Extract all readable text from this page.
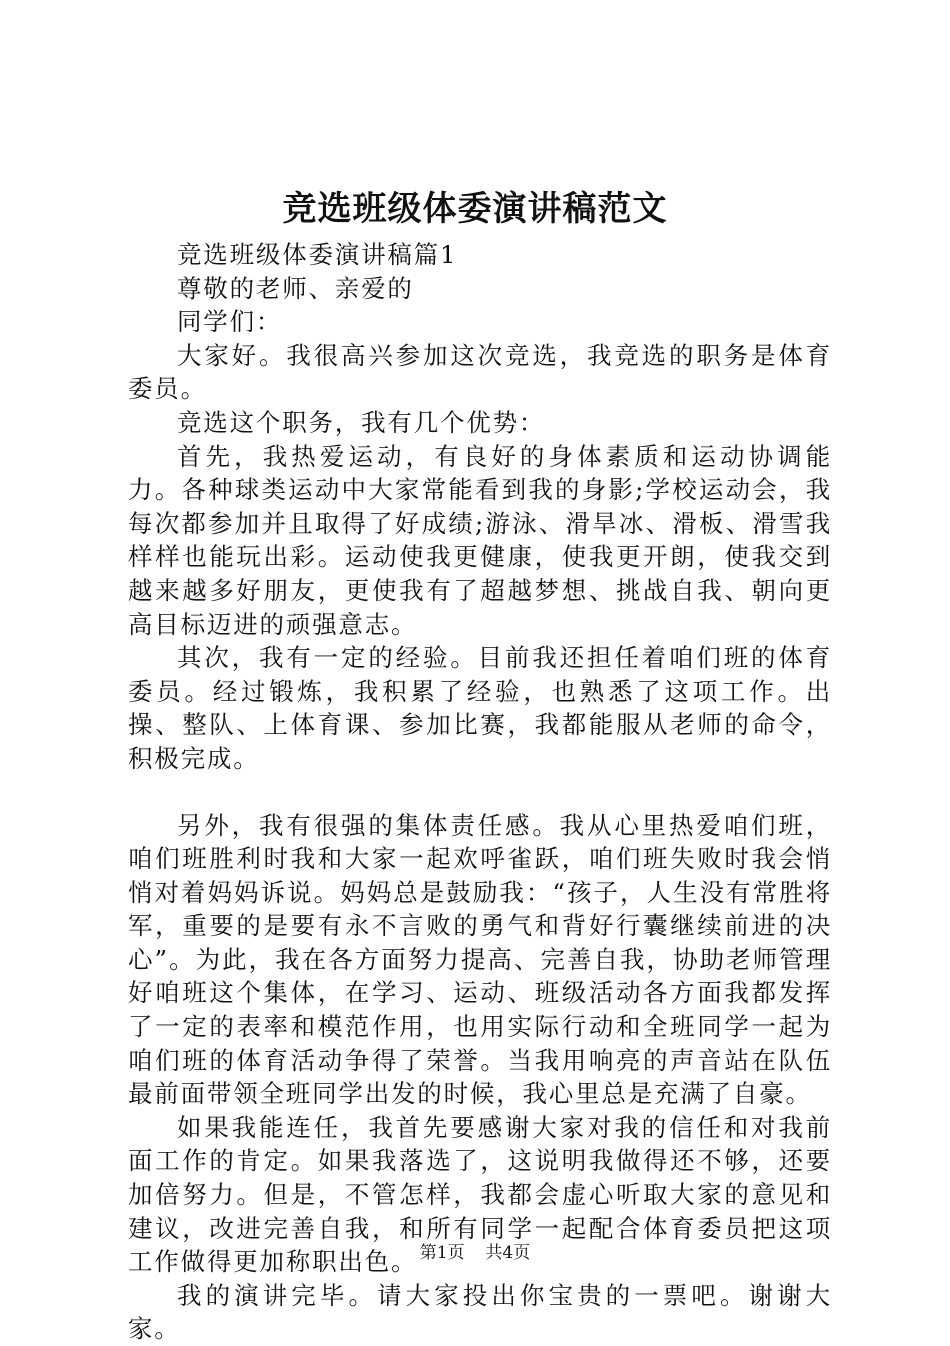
竞选班级体委演讲稿范文

竞选班级体委演讲稿篇1

尊敬的老师、亲爱的

同学们：

大家好。我很高兴参加这次竞选，我竞选的职务是体育委员。

竞选这个职务，我有几个优势：

首先，我热爱运动，有良好的身体素质和运动协调能力。各种球类运动中大家常能看到我的身影;学校运动会，我每次都参加并且取得了好成绩;游泳、滑旱冰、滑板、滑雪我样样也能玩出彩。运动使我更健康，使我更开朗，使我交到越来越多好朋友，更使我有了超越梦想、挑战自我、朝向更高目标迈进的顽强意志。

其次，我有一定的经验。目前我还担任着咱们班的体育委员。经过锻炼，我积累了经验，也熟悉了这项工作。出操、整队、上体育课、参加比赛，我都能服从老师的命令，积极完成。

另外，我有很强的集体责任感。我从心里热爱咱们班，咱们班胜利时我和大家一起欢呼雀跃，咱们班失败时我会悄悄对着妈妈诉说。妈妈总是鼓励我：“孩子，人生没有常胜将军，重要的是要有永不言败的勇气和背好行囊继续前进的决心”。为此，我在各方面努力提高、完善自我，协助老师管理好咱班这个集体，在学习、运动、班级活动各方面我都发挥了一定的表率和模范作用，也用实际行动和全班同学一起为咱们班的体育活动争得了荣誉。当我用响亮的声音站在队伍最前面带领全班同学出发的时候，我心里总是充满了自豪。

如果我能连任，我首先要感谢大家对我的信任和对我前面工作的肯定。如果我落选了，这说明我做得还不够，还要加倍努力。但是，不管怎样，我都会虚心听取大家的意见和建议，改进完善自我，和所有同学一起配合体育委员把这项工作做得更加称职出色。

我的演讲完毕。请大家投出你宝贵的一票吧。谢谢大家。

第1页 共4页
